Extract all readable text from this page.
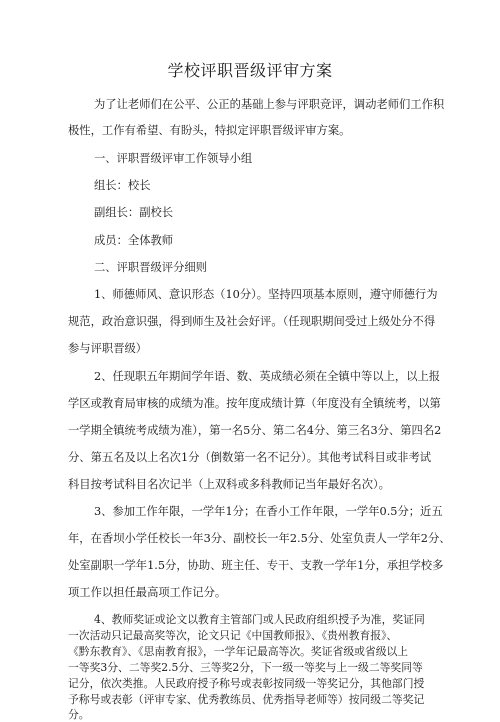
学校评职晋级评审方案
为了让老师们在公平、公正的基础上参与评职竞评，调动老师们工作积
极性，工作有希望、有盼头，特拟定评职晋级评审方案。
一、评职晋级评审工作领导小组
组长：校长
副组长：副校长
成员：全体教师
二、评职晋级评分细则
1、师德师风、意识形态（10分）。坚持四项基本原则，遵守师德行为
规范，政治意识强，得到师生及社会好评。（任现职期间受过上级处分不得
参与评职晋级）
2、任现职五年期间学年语、数、英成绩必须在全镇中等以上，以上报
学区或教育局审核的成绩为准。按年度成绩计算（年度没有全镇统考，以第
一学期全镇统考成绩为准），第一名5分、第二名4分、第三名3分、第四名2
分、第五名及以上名次1分（倒数第一名不记分）。其他考试科目或非考试
科目按考试科目名次记半（上双科或多科教师记当年最好名次）。
3、参加工作年限，一学年1分；在香小工作年限，一学年0.5分；近五
年，在香坝小学任校长一年3分、副校长一年2.5分、处室负责人一学年2分、
处室副职一学年1.5分，协助、班主任、专干、支教一学年1分，承担学校多
项工作以担任最高项工作记分。
4、教师奖证或论文以教育主管部门或人民政府组织授予为准，奖证同
一次活动只记最高奖等次，论文只记《中国教师报》、《贵州教育报》、
《黔东教育》、《思南教育报》，一学年记最高等次。奖证省级或省级以上
一等奖3分、二等奖2.5分、三等奖2分，下一级一等奖与上一级二等奖同等
记分，依次类推。人民政府授予称号或表彰按同级一等奖记分，其他部门授
予称号或表彰（评审专家、优秀教练员、优秀指导老师等）按同级二等奖记
分。
